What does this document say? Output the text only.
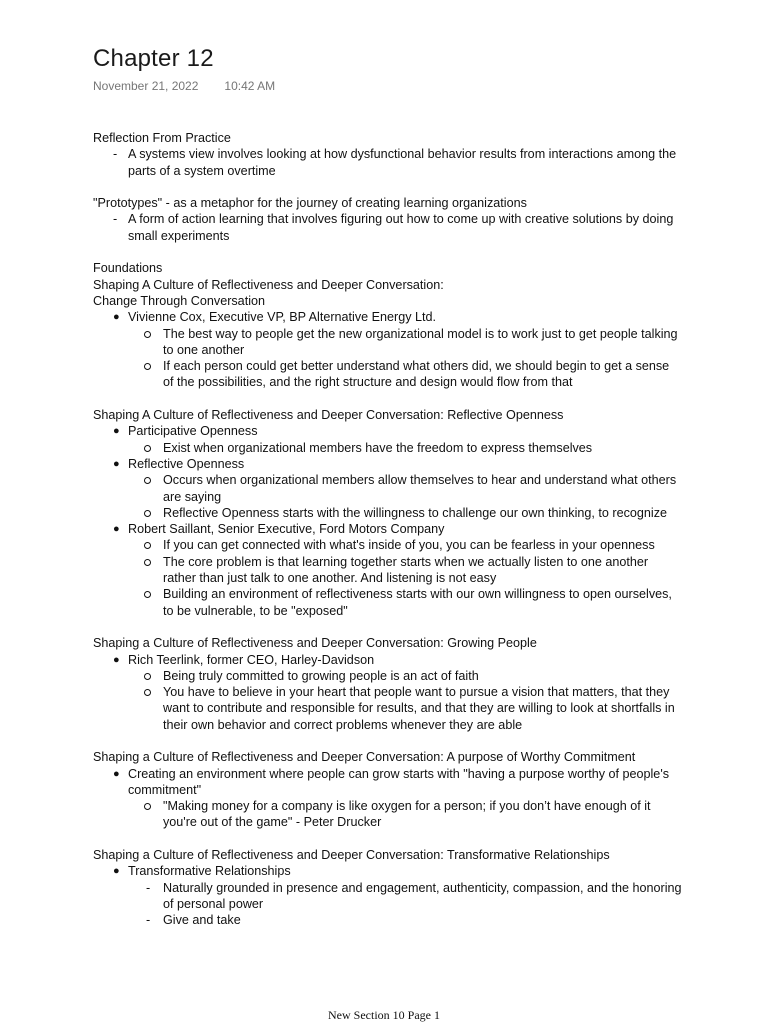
Chapter 12
November 21, 2022 10:42 AM

Reflection From Practice

- A systems view involves looking at how dysfunctional behavior results from interactions among the parts of a system overtime

"Prototypes" - as a metaphor for the journey of creating learning organizations

- A form of action learning that involves figuring out how to come up with creative solutions by doing small experiments

Foundations

Shaping A Culture of Reflectiveness and Deeper Conversation:

Change Through Conversation

● Vivienne Cox, Executive VP, BP Alternative Energy Ltd.
The best way to people get the new organizational model is to work just to get people talking to one another
If each person could get better understand what others did, we should begin to get a sense of the possibilities, and the right structure and design would flow from that

Shaping A Culture of Reflectiveness and Deeper Conversation: Reflective Openness

● Participative Openness
Exist when organizational members have the freedom to express themselves
● Reflective Openness
Occurs when organizational members allow themselves to hear and understand what others are saying
Reflective Openness starts with the willingness to challenge our own thinking, to recognize
● Robert Saillant, Senior Executive, Ford Motors Company
If you can get connected with what's inside of you, you can be fearless in your openness
The core problem is that learning together starts when we actually listen to one another rather than just talk to one another. And listening is not easy
Building an environment of reflectiveness starts with our own willingness to open ourselves, to be vulnerable, to be "exposed"

Shaping a Culture of Reflectiveness and Deeper Conversation: Growing People

● Rich Teerlink, former CEO, Harley-Davidson
Being truly committed to growing people is an act of faith
You have to believe in your heart that people want to pursue a vision that matters, that they want to contribute and responsible for results, and that they are willing to look at shortfalls in their own behavior and correct problems whenever they are able

Shaping a Culture of Reflectiveness and Deeper Conversation: A purpose of Worthy Commitment

● Creating an environment where people can grow starts with "having a purpose worthy of people's commitment"
"Making money for a company is like oxygen for a person; if you don’t have enough of it you're out of the game" - Peter Drucker

Shaping a Culture of Reflectiveness and Deeper Conversation: Transformative Relationships

● Transformative Relationships
- Naturally grounded in presence and engagement, authenticity, compassion, and the honoring of personal power
- Give and take
New Section 10 Page 1
